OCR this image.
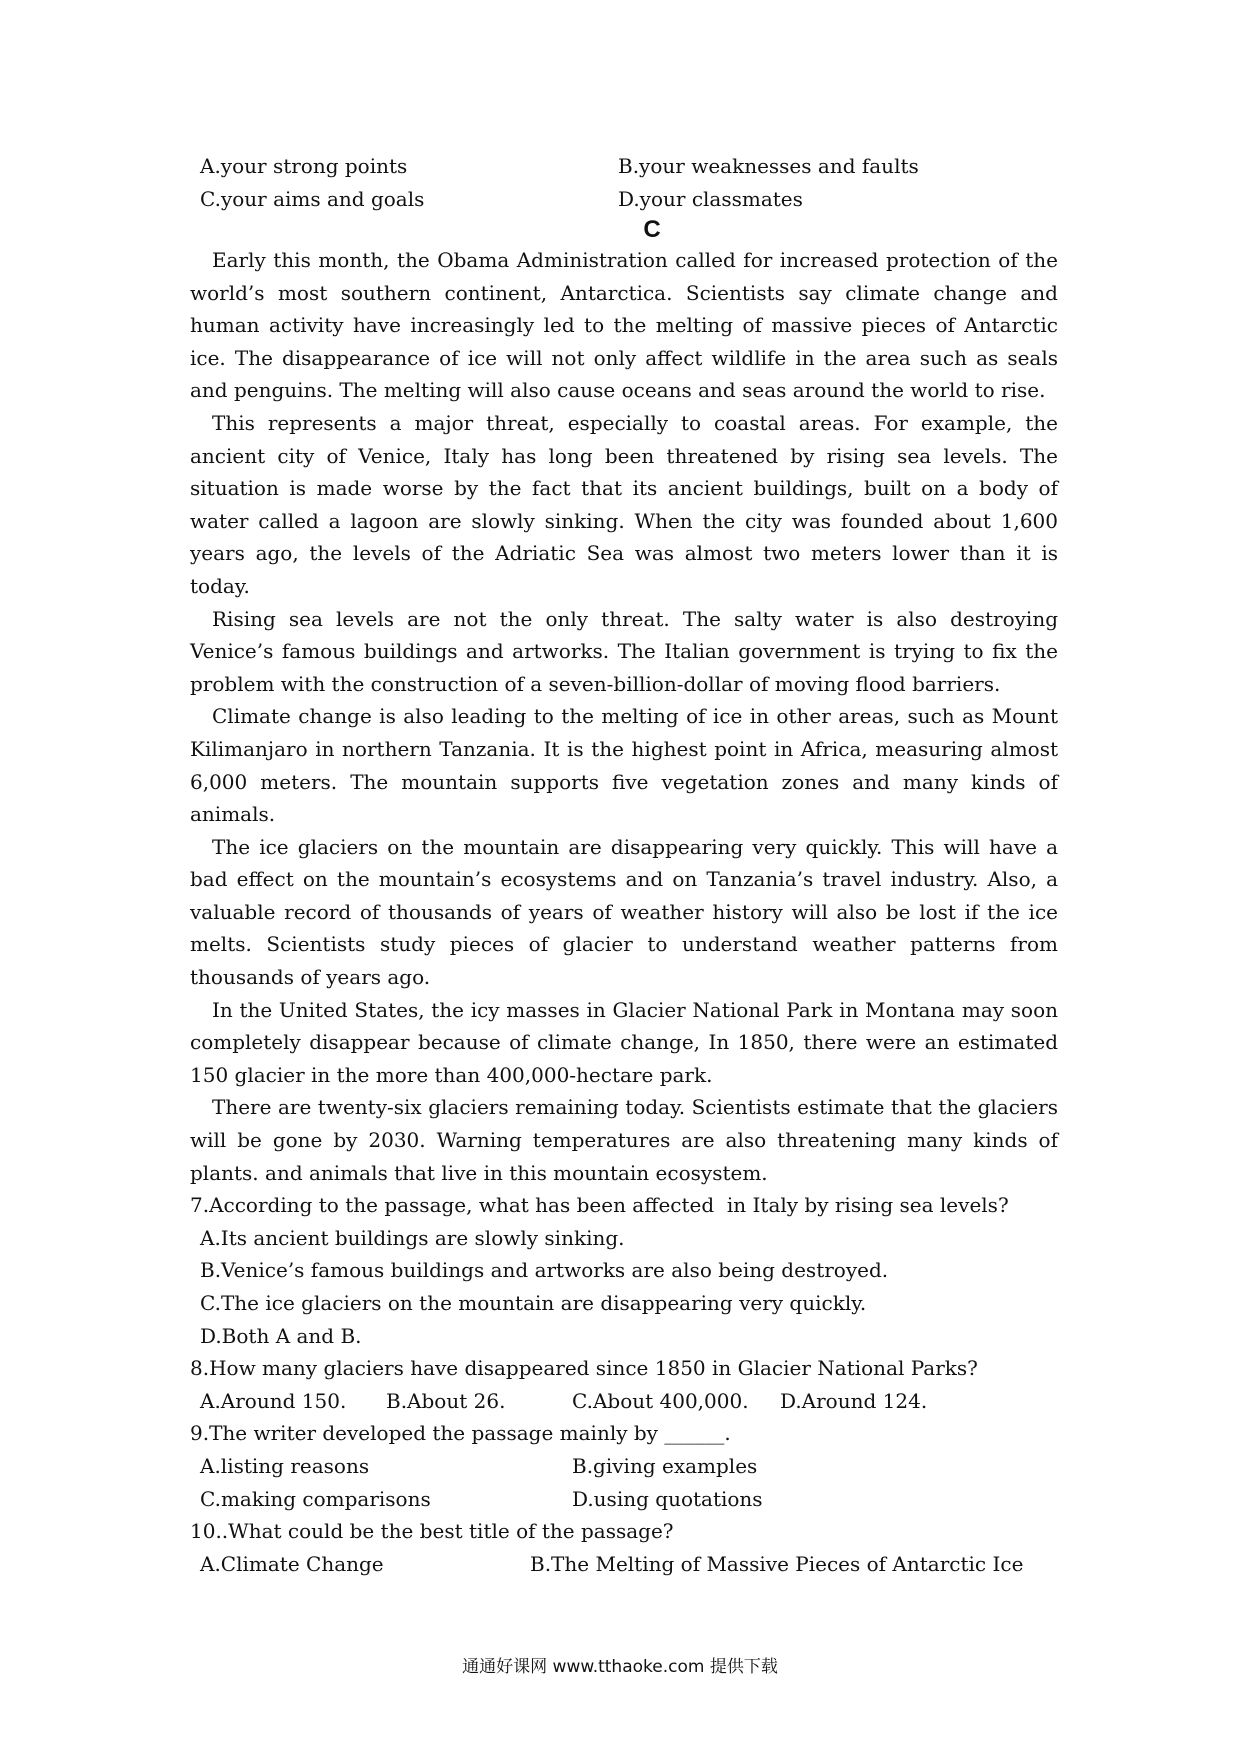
A.your strong points	B.your weaknesses and faults
C.your aims and goals	D.your classmates
C

Early this month, the Obama Administration called for increased protection of the world’s most southern continent, Antarctica. Scientists say climate change and human activity have increasingly led to the melting of massive pieces of Antarctic ice. The disappearance of ice will not only affect wildlife in the area such as seals and penguins. The melting will also cause oceans and seas around the world to rise.

This represents a major threat, especially to coastal areas. For example, the ancient city of Venice, Italy has long been threatened by rising sea levels. The situation is made worse by the fact that its ancient buildings, built on a body of water called a lagoon are slowly sinking. When the city was founded about 1,600 years ago, the levels of the Adriatic Sea was almost two meters lower than it is today.

Rising sea levels are not the only threat. The salty water is also destroying Venice’s famous buildings and artworks. The Italian government is trying to fix the problem with the construction of a seven-billion-dollar of moving flood barriers.

Climate change is also leading to the melting of ice in other areas, such as Mount Kilimanjaro in northern Tanzania. It is the highest point in Africa, measuring almost 6,000 meters. The mountain supports five vegetation zones and many kinds of animals.

The ice glaciers on the mountain are disappearing very quickly. This will have a bad effect on the mountain’s ecosystems and on Tanzania’s travel industry. Also, a valuable record of thousands of years of weather history will also be lost if the ice melts. Scientists study pieces of glacier to understand weather patterns from thousands of years ago.

In the United States, the icy masses in Glacier National Park in Montana may soon completely disappear because of climate change, In 1850, there were an estimated 150 glacier in the more than 400,000-hectare park.

There are twenty-six glaciers remaining today. Scientists estimate that the glaciers will be gone by 2030. Warning temperatures are also threatening many kinds of plants. and animals that live in this mountain ecosystem.

7.According to the passage, what has been affected  in Italy by rising sea levels?
A.Its ancient buildings are slowly sinking.
B.Venice’s famous buildings and artworks are also being destroyed.
C.The ice glaciers on the mountain are disappearing very quickly.
D.Both A and B.
8.How many glaciers have disappeared since 1850 in Glacier National Parks?
A.Around 150.	B.About 26.	C.About 400,000.	D.Around 124.
9.The writer developed the passage mainly by ______.
A.listing reasons	B.giving examples
C.making comparisons	D.using quotations
10..What could be the best title of the passage?
A.Climate Change	B.The Melting of Massive Pieces of Antarctic Ice
通通好课网 www.tthaoke.com 提供下载
